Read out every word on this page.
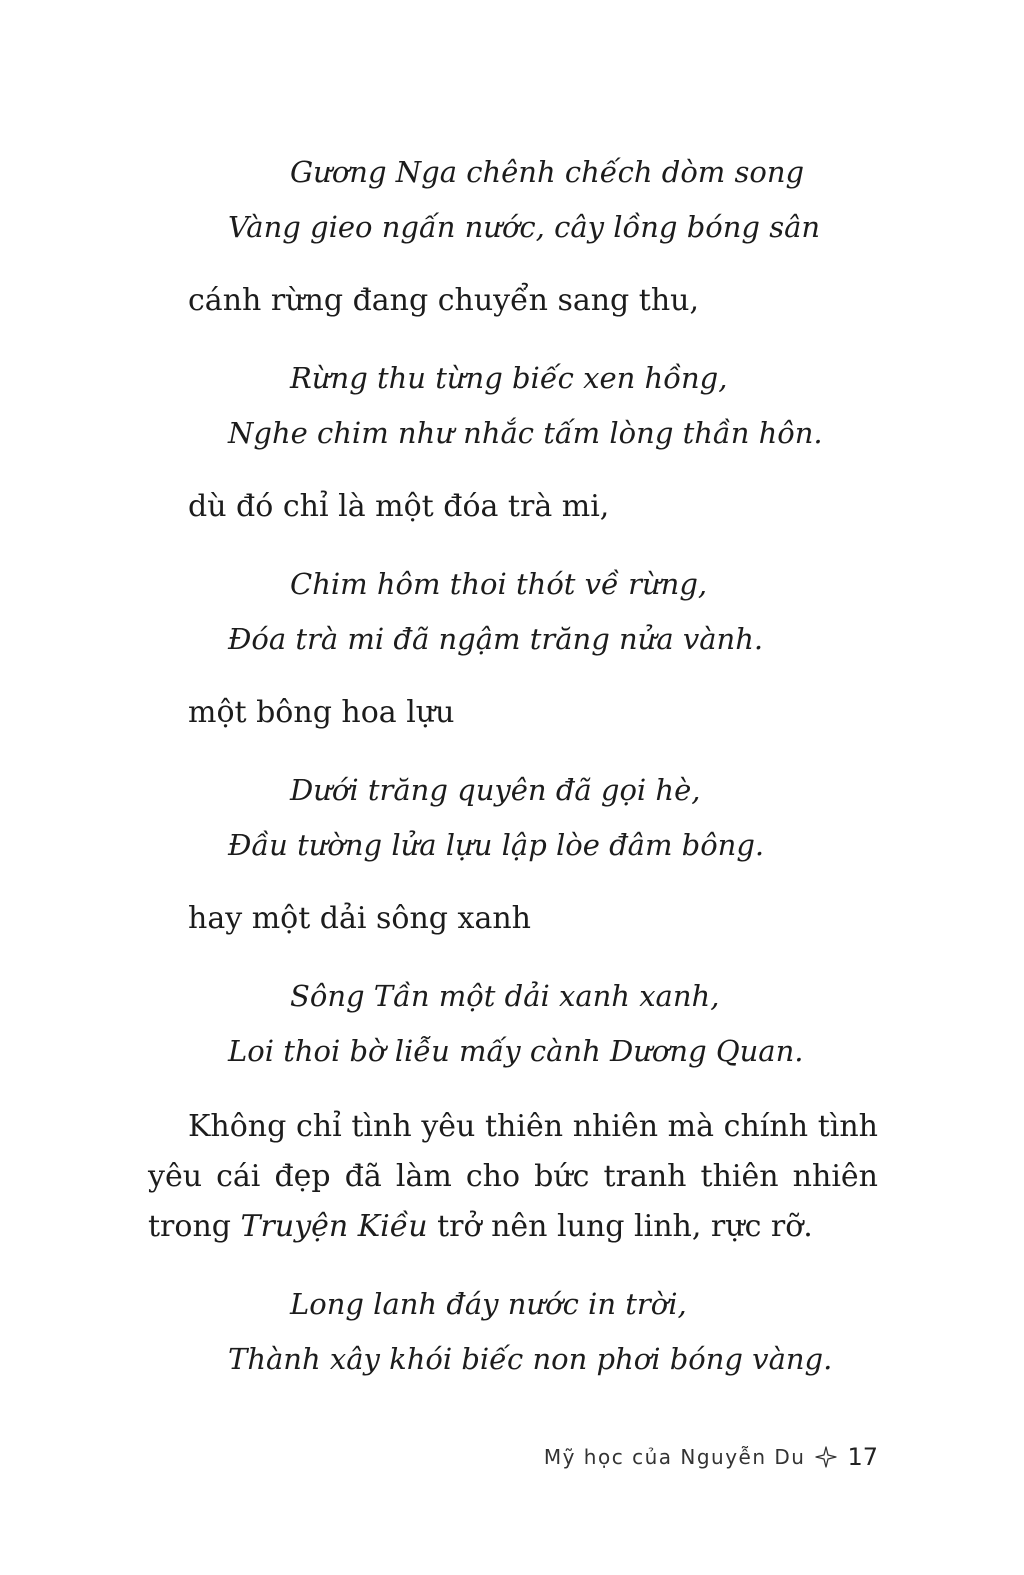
Gương Nga chênh chếch dòm song
Vàng gieo ngấn nước, cây lồng bóng sân
cánh rừng đang chuyển sang thu,
Rừng thu từng biếc xen hồng,
Nghe chim như nhắc tấm lòng thần hôn.
dù đó chỉ là một đóa trà mi,
Chim hôm thoi thót về rừng,
Đóa trà mi đã ngậm trăng nửa vành.
một bông hoa lựu
Dưới trăng quyên đã gọi hè,
Đầu tường lửa lựu lập lòe đâm bông.
hay một dải sông xanh
Sông Tần một dải xanh xanh,
Loi thoi bờ liễu mấy cành Dương Quan.
Không chỉ tình yêu thiên nhiên mà chính tình yêu cái đẹp đã làm cho bức tranh thiên nhiên trong Truyện Kiều trở nên lung linh, rực rỡ.
Long lanh đáy nước in trời,
Thành xây khói biếc non phơi bóng vàng.
Mỹ học của Nguyễn Du 17
